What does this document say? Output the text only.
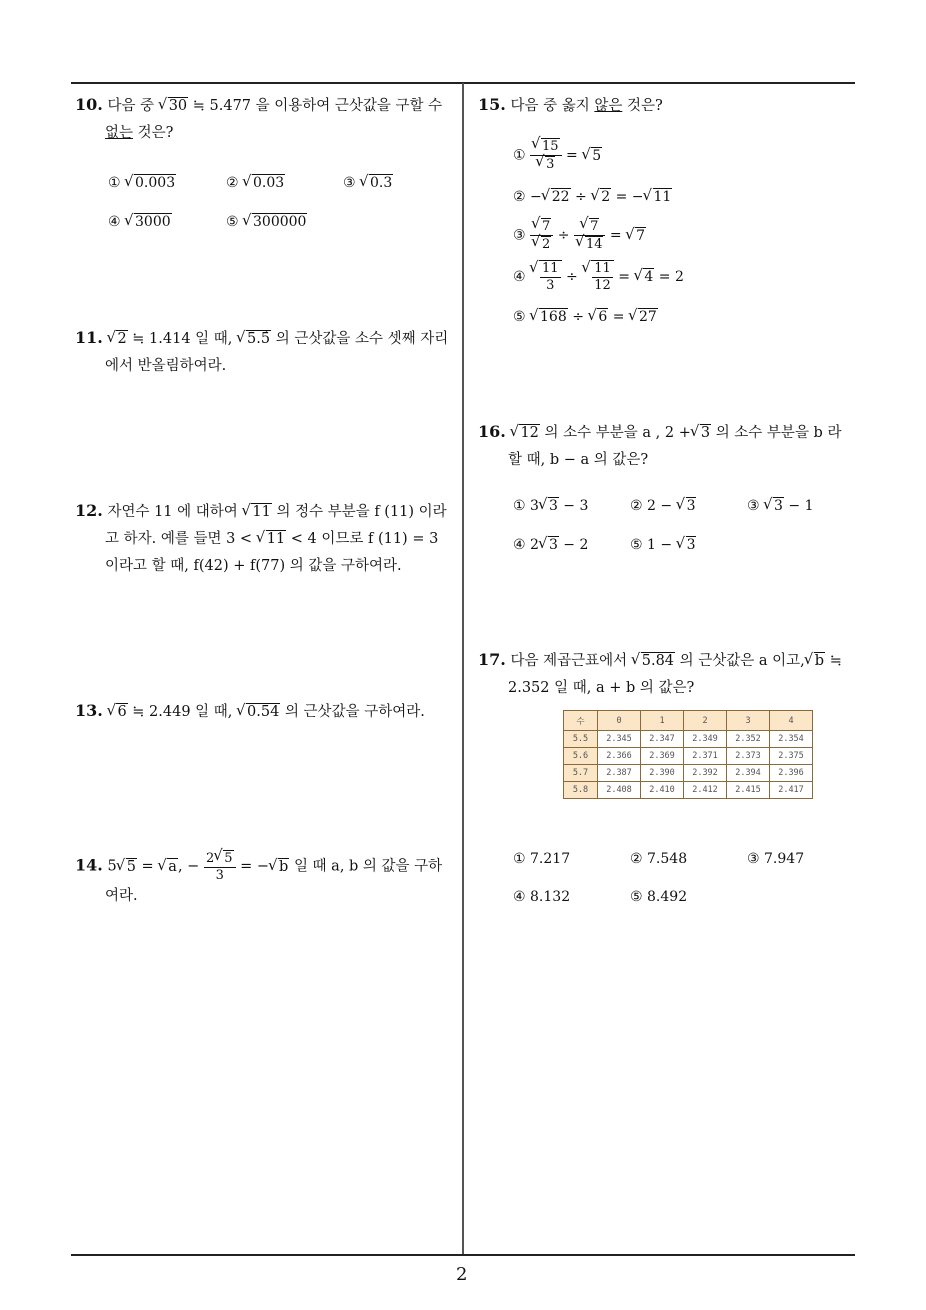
2
10. 다음 중 √ 30 ≒ 5.477 을 이용하여 근삿값을 구할 수
없는 것은?
① √ 0.003	② √ 0.03	③ √ 0.3
④ √ 3000	⑤ √ 300000
11. √ 2 ≒ 1.414 일 때, √ 5.5̇ 의 근삿값을 소수 셋째 자리
에서 반올림하여라.
12. 자연수 11 에 대하여 √ 11 의 정수 부분을 f (11) 이라
고 하자. 예를 들면 3 < √ 11 < 4 이므로 f (11) = 3
이라고 할 때, f(42) + f(77) 의 값을 구하여라.
13. √ 6 ≒ 2.449 일 때, √ 0.54 의 근삿값을 구하여라.
14. 5 √ 5 = √ a, − $\frac{2 √ 5}{3}$ = − √ b 일 때 a, b 의 값을 구하
여라.
15. 다음 중 옳지 않은 것은?
① √ 15
√ 3 = √ 5
② − √ 22 ÷ √ 2 = − √ 11
③ √ 7
√ 2 ÷ √ 7
√ 14 = √ 7
④ √ $\frac{11}{3}$ ÷ √ $\frac{11}{12}$ = √ 4 = 2
⑤ √ 168 ÷ √ 6 = √ 27
16. √ 12 의 소수 부분을 a , 2 + √ 3 의 소수 부분을 b 라
할 때, b − a 의 값은?
① 3 √ 3 − 3	② 2 − √ 3	③ √ 3 − 1
④ 2 √ 3 − 2	⑤ 1 − √ 3
17. 다음 제곱근표에서 √ 5.84 의 근삿값은 a 이고, √ b ≒
2.352 일 때, a + b 의 값은?
수	0	1	2	3	4
5.5	2.345	2.347	2.349	2.352	2.354
5.6	2.366	2.369	2.371	2.373	2.375
5.7	2.387	2.390	2.392	2.394	2.396
5.8	2.408	2.410	2.412	2.415	2.417
① 7.217	② 7.548	③ 7.947
④ 8.132	⑤ 8.492
